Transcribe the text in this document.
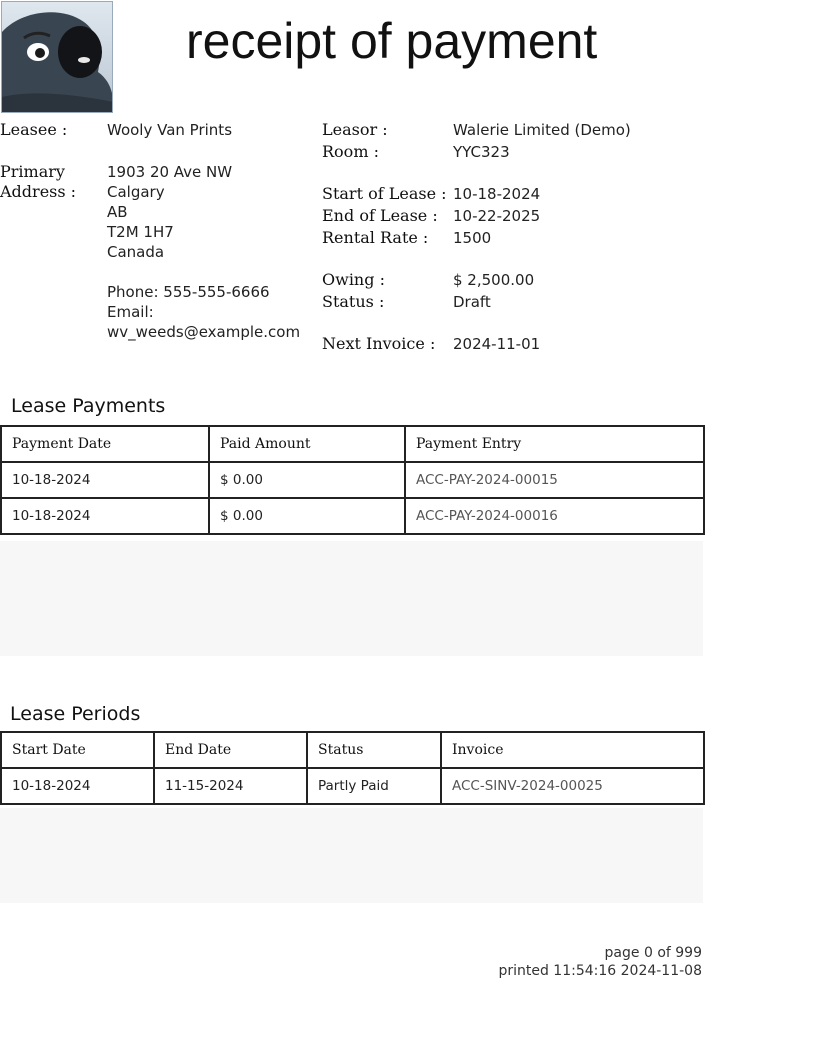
receipt of payment
Leasee :	Wooly Van Prints
Primary
Address :
1903 20 Ave NW
Calgary
AB
T2M 1H7
Canada
Phone: 555-555-6666
Email:
wv_weeds@example.com
Leasor :	Walerie Limited (Demo)
Room :	YYC323
Start of Lease : 10-18-2024
End of Lease : 10-22-2025
Rental Rate : 1500
Owing :	$ 2,500.00
Status :	Draft
Next Invoice : 2024-11-01
Lease Payments
Payment Date	Paid Amount	Payment Entry
10-18-2024	$ 0.00	ACC-PAY-2024-00015
10-18-2024	$ 0.00	ACC-PAY-2024-00016
Lease Periods
Start Date	End Date	Status	Invoice
10-18-2024	11-15-2024	Partly Paid	ACC-SINV-2024-00025
page 0 of 999
printed 11:54:16 2024-11-08
